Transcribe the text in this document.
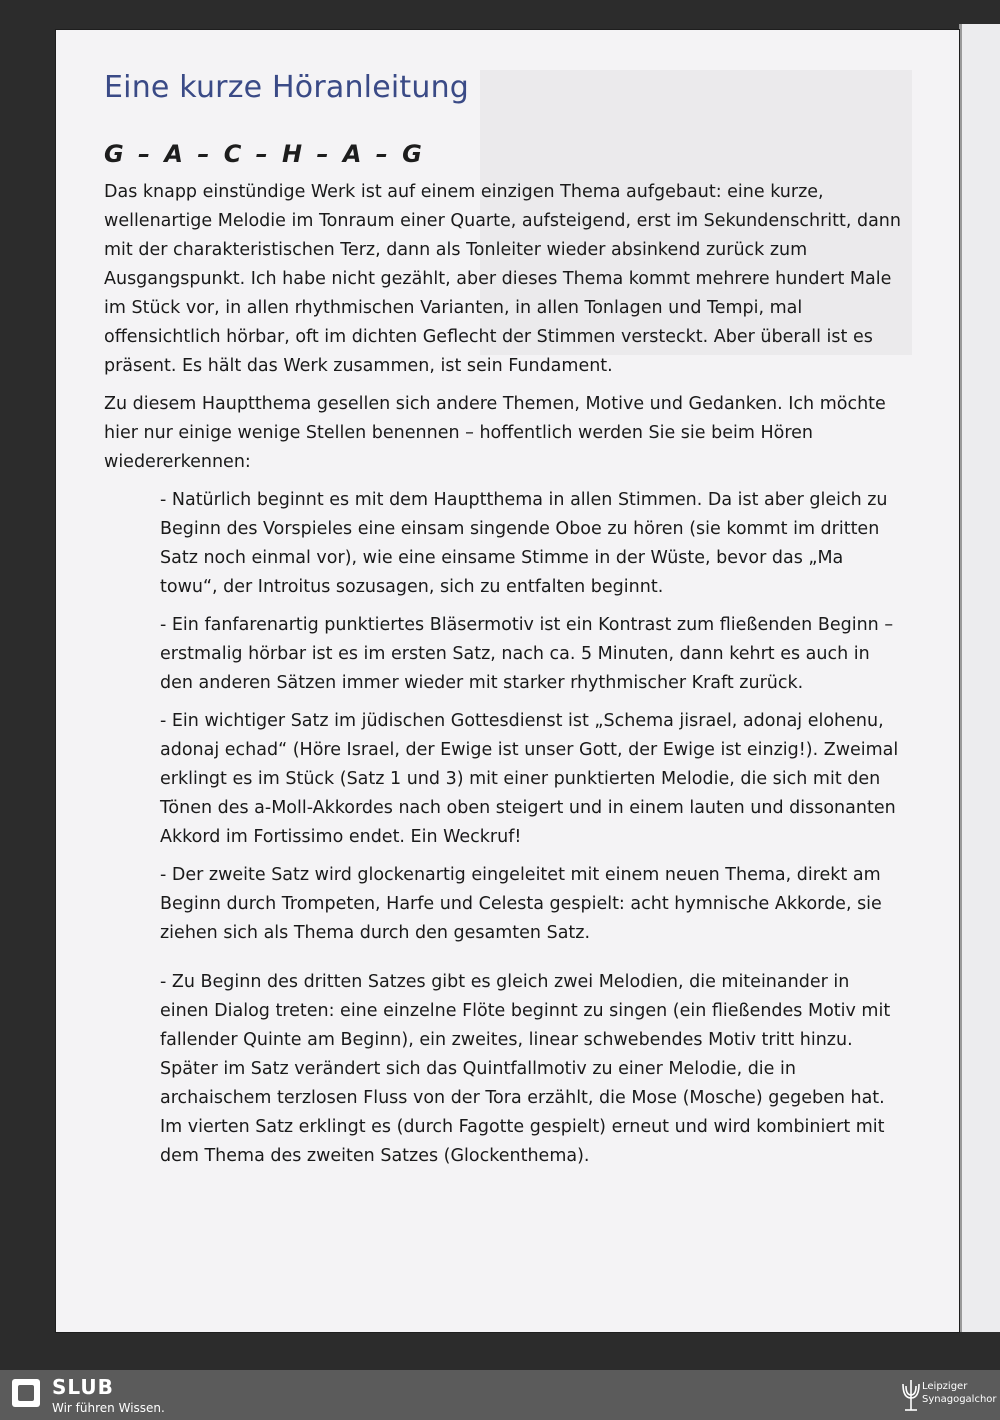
Eine kurze Höranleitung
G – A – C – H – A – G

Das knapp einstündige Werk ist auf einem einzigen Thema aufgebaut: eine kurze, wellenartige Melodie im Tonraum einer Quarte, aufsteigend, erst im Sekundenschritt, dann mit der charakteristischen Terz, dann als Tonleiter wieder absinkend zurück zum Ausgangspunkt. Ich habe nicht gezählt, aber dieses Thema kommt mehrere hundert Male im Stück vor, in allen rhythmischen Varianten, in allen Tonlagen und Tempi, mal offensichtlich hörbar, oft im dichten Geflecht der Stimmen versteckt. Aber überall ist es präsent. Es hält das Werk zusammen, ist sein Fundament.

Zu diesem Hauptthema gesellen sich andere Themen, Motive und Gedanken. Ich möchte hier nur einige wenige Stellen benennen – hoffentlich werden Sie sie beim Hören wiedererkennen:

- Natürlich beginnt es mit dem Hauptthema in allen Stimmen. Da ist aber gleich zu Beginn des Vorspieles eine einsam singende Oboe zu hören (sie kommt im dritten Satz noch einmal vor), wie eine einsame Stimme in der Wüste, bevor das „Ma towu“, der Introitus sozusagen, sich zu entfalten beginnt.

- Ein fanfarenartig punktiertes Bläsermotiv ist ein Kontrast zum fließenden Beginn – erstmalig hörbar ist es im ersten Satz, nach ca. 5 Minuten, dann kehrt es auch in den anderen Sätzen immer wieder mit starker rhythmischer Kraft zurück.

- Ein wichtiger Satz im jüdischen Gottesdienst ist „Schema jisrael, adonaj elohenu, adonaj echad“ (Höre Israel, der Ewige ist unser Gott, der Ewige ist einzig!). Zweimal erklingt es im Stück (Satz 1 und 3) mit einer punktierten Melodie, die sich mit den Tönen des a-Moll-Akkordes nach oben steigert und in einem lauten und dissonanten Akkord im Fortissimo endet. Ein Weckruf!

- Der zweite Satz wird glockenartig eingeleitet mit einem neuen Thema, direkt am Beginn durch Trompeten, Harfe und Celesta gespielt: acht hymnische Akkorde, sie ziehen sich als Thema durch den gesamten Satz.

- Zu Beginn des dritten Satzes gibt es gleich zwei Melodien, die miteinander in einen Dialog treten: eine einzelne Flöte beginnt zu singen (ein fließendes Motiv mit fallender Quinte am Beginn), ein zweites, linear schwebendes Motiv tritt hinzu. Später im Satz verändert sich das Quintfallmotiv zu einer Melodie, die in archaischem terzlosen Fluss von der Tora erzählt, die Mose (Mosche) gegeben hat. Im vierten Satz erklingt es (durch Fagotte gespielt) erneut und wird kombiniert mit dem Thema des zweiten Satzes (Glockenthema).

SLUB
Wir führen Wissen.
Leipziger
Synagogalchor
